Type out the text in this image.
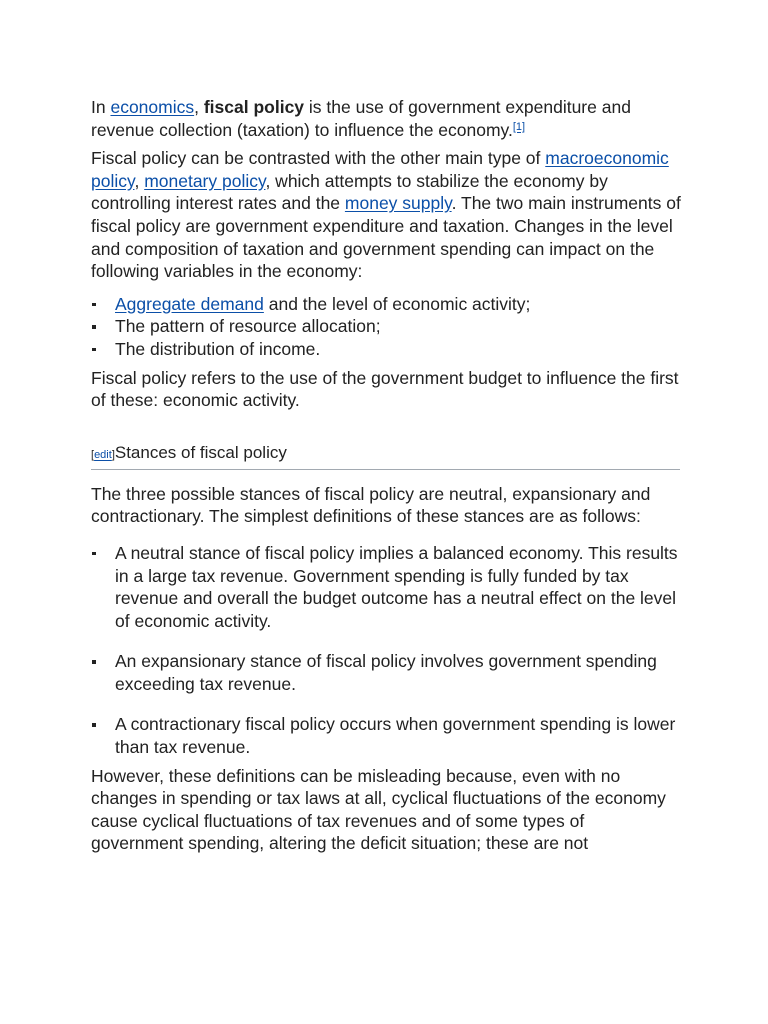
In economics, fiscal policy is the use of government expenditure and revenue collection (taxation) to influence the economy.[1]

Fiscal policy can be contrasted with the other main type of macroeconomic policy, monetary policy, which attempts to stabilize the economy by controlling interest rates and the money supply. The two main instruments of fiscal policy are government expenditure and taxation. Changes in the level and composition of taxation and government spending can impact on the following variables in the economy:

Aggregate demand and the level of economic activity;
The pattern of resource allocation;
The distribution of income.

Fiscal policy refers to the use of the government budget to influence the first of these: economic activity.

[edit]Stances of fiscal policy

The three possible stances of fiscal policy are neutral, expansionary and contractionary. The simplest definitions of these stances are as follows:

A neutral stance of fiscal policy implies a balanced economy. This results in a large tax revenue. Government spending is fully funded by tax revenue and overall the budget outcome has a neutral effect on the level of economic activity.
An expansionary stance of fiscal policy involves government spending exceeding tax revenue.
A contractionary fiscal policy occurs when government spending is lower than tax revenue.

However, these definitions can be misleading because, even with no changes in spending or tax laws at all, cyclical fluctuations of the economy cause cyclical fluctuations of tax revenues and of some types of government spending, altering the deficit situation; these are not
